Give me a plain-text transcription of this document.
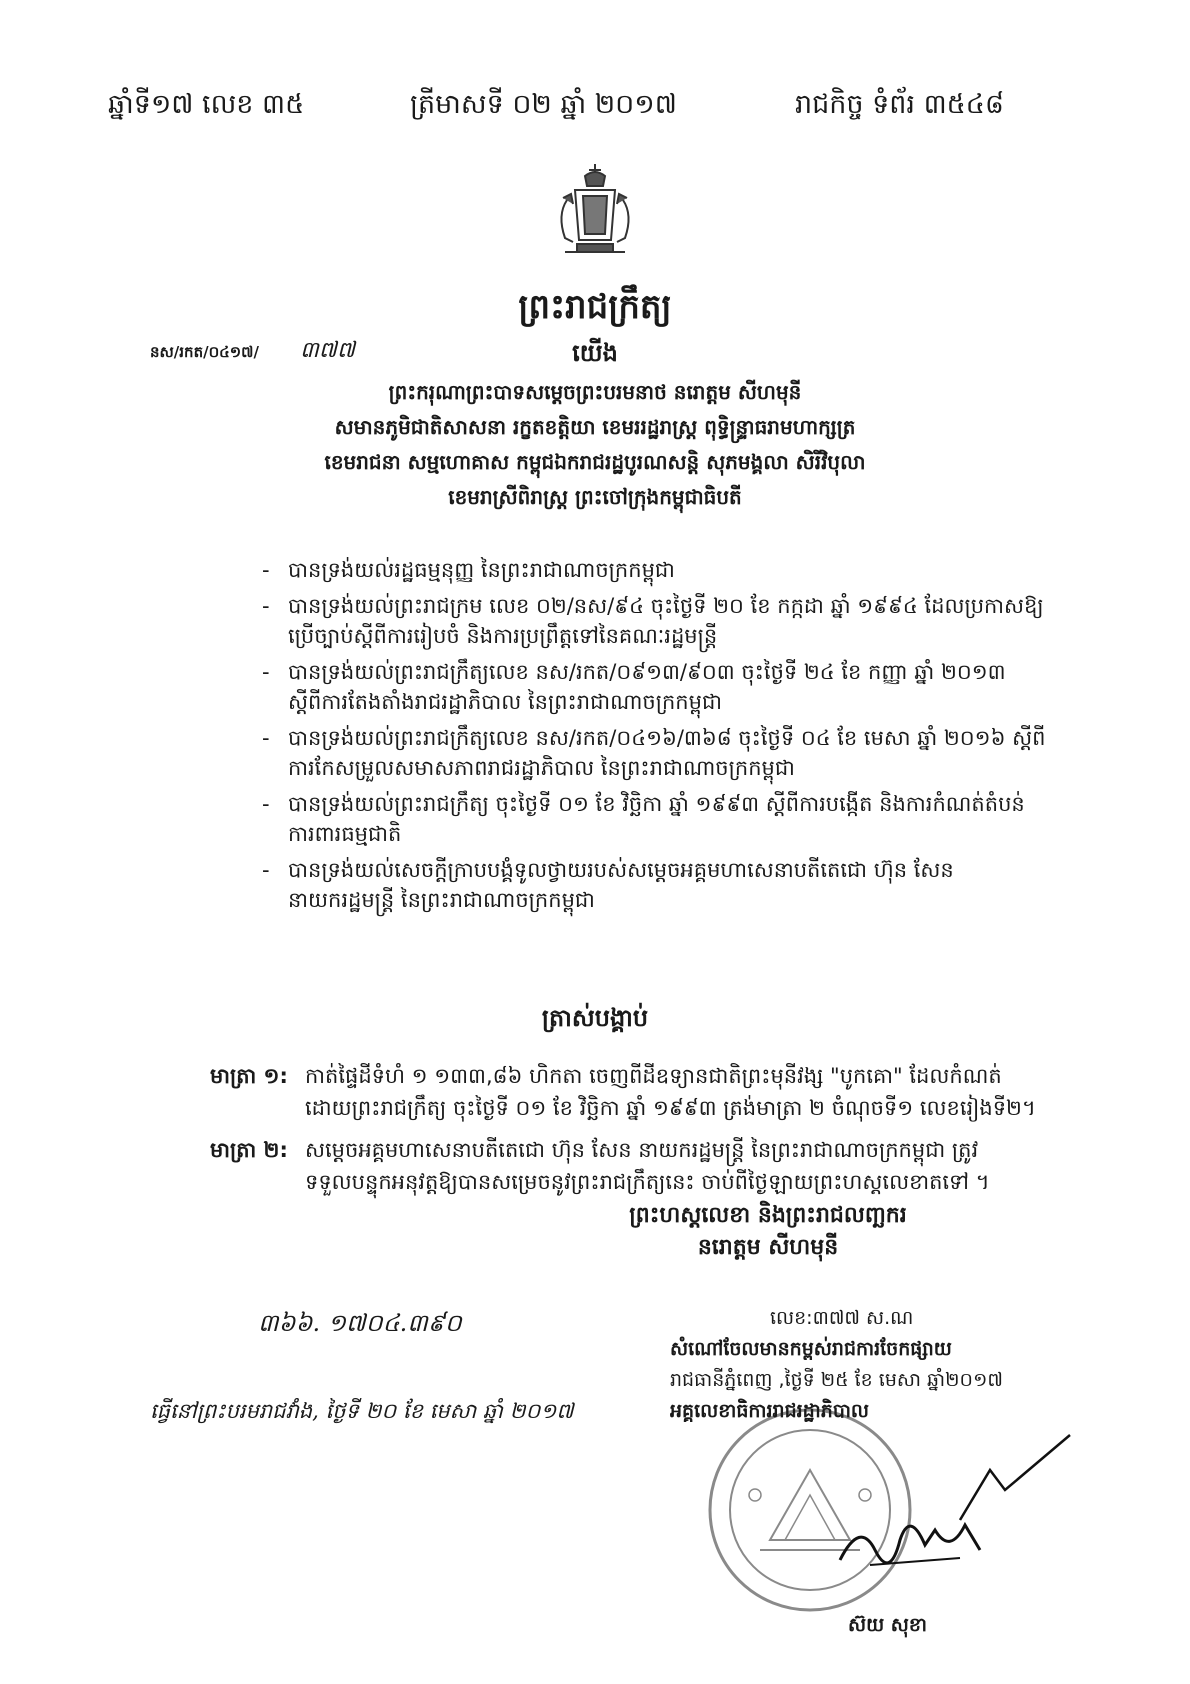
ឆ្នាំទី១៧ លេខ ៣៥	ត្រីមាសទី ០២ ឆ្នាំ ២០១៧	រាជកិច្ច ទំព័រ ៣៥៤៨
ព្រះរាជក្រឹត្យ
នស/រកត/០៤១៧/ ៣៧៧	យើង
ព្រះករុណាព្រះបាទសម្តេចព្រះបរមនាថ នរោត្តម សីហមុនី
សមានភូមិជាតិសាសនា រក្ខតខត្តិយា ខេមររដ្ឋរាស្ត្រ ពុទ្ធិន្រ្ទាធរាមហាក្សត្រ
ខេមរាជនា សម្មហោគាស កម្ពុជឯករាជរដ្ឋបូរណសន្តិ សុភមង្គលា សិរីវិបុលា
ខេមរាស្រីពិរាស្ត្រ ព្រះចៅក្រុងកម្ពុជាធិបតី
- បានទ្រង់យល់រដ្ឋធម្មនុញ្ញ នៃព្រះរាជាណាចក្រកម្ពុជា
- បានទ្រង់យល់ព្រះរាជក្រម លេខ ០២/នស/៩៤ ចុះថ្ងៃទី ២០ ខែ កក្កដា ឆ្នាំ ១៩៩៤ ដែលប្រកាសឱ្យ
ប្រើច្បាប់ស្តីពីការរៀបចំ និងការប្រព្រឹត្តទៅនៃគណៈរដ្ឋមន្ត្រី
- បានទ្រង់យល់ព្រះរាជក្រឹត្យលេខ នស/រកត/០៩១៣/៩០៣ ចុះថ្ងៃទី ២៤ ខែ កញ្ញា ឆ្នាំ ២០១៣
ស្តីពីការតែងតាំងរាជរដ្ឋាភិបាល នៃព្រះរាជាណាចក្រកម្ពុជា
- បានទ្រង់យល់ព្រះរាជក្រឹត្យលេខ នស/រកត/០៤១៦/៣៦៨ ចុះថ្ងៃទី ០៤ ខែ មេសា ឆ្នាំ ២០១៦ ស្តីពី
ការកែសម្រួលសមាសភាពរាជរដ្ឋាភិបាល នៃព្រះរាជាណាចក្រកម្ពុជា
- បានទ្រង់យល់ព្រះរាជក្រឹត្យ ចុះថ្ងៃទី ០១ ខែ វិច្ឆិកា ឆ្នាំ ១៩៩៣ ស្តីពីការបង្កើត និងការកំណត់តំបន់
ការពារធម្មជាតិ
- បានទ្រង់យល់សេចក្តីក្រាបបង្គំទូលថ្វាយរបស់សម្តេចអគ្គមហាសេនាបតីតេជោ ហ៊ុន សែន
នាយករដ្ឋមន្ត្រី នៃព្រះរាជាណាចក្រកម្ពុជា
ត្រាស់បង្គាប់
មាត្រា ១: កាត់ផ្ទៃដីទំហំ ១ ១៣៣,៨៦ ហិកតា ចេញពីដីឧទ្យានជាតិព្រះមុនីវង្ស "បូកគោ" ដែលកំណត់
ដោយព្រះរាជក្រឹត្យ ចុះថ្ងៃទី ០១ ខែ វិច្ឆិកា ឆ្នាំ ១៩៩៣ ត្រង់មាត្រា ២ ចំណុចទី១ លេខរៀងទី២។
មាត្រា ២: សម្តេចអគ្គមហាសេនាបតីតេជោ ហ៊ុន សែន នាយករដ្ឋមន្ត្រី នៃព្រះរាជាណាចក្រកម្ពុជា ត្រូវ
ទទួលបន្ទុកអនុវត្តឱ្យបានសម្រេចនូវព្រះរាជក្រឹត្យនេះ ចាប់ពីថ្ងៃឡាយព្រះហស្តលេខាតទៅ ។
ព្រះហស្តលេខា និងព្រះរាជលញ្ឆករ
នរោត្តម សីហមុនី
៣៦៦. ១៧០៤.៣៩០	លេខ:៣៧៧ ស.ណ
សំណៅចែលមានកម្ពស់រាជការចែកផ្សាយ
រាជធានីភ្នំពេញ ,ថ្ងៃទី ២៥ ខែ មេសា ឆ្នាំ២០១៧
អគ្គលេខាធិការរាជរដ្ឋាភិបាល
ធ្វើនៅព្រះបរមរាជវាំង, ថ្ងៃទី ២០ ខែ មេសា ឆ្នាំ ២០១៧
ស៊យ សុខា
